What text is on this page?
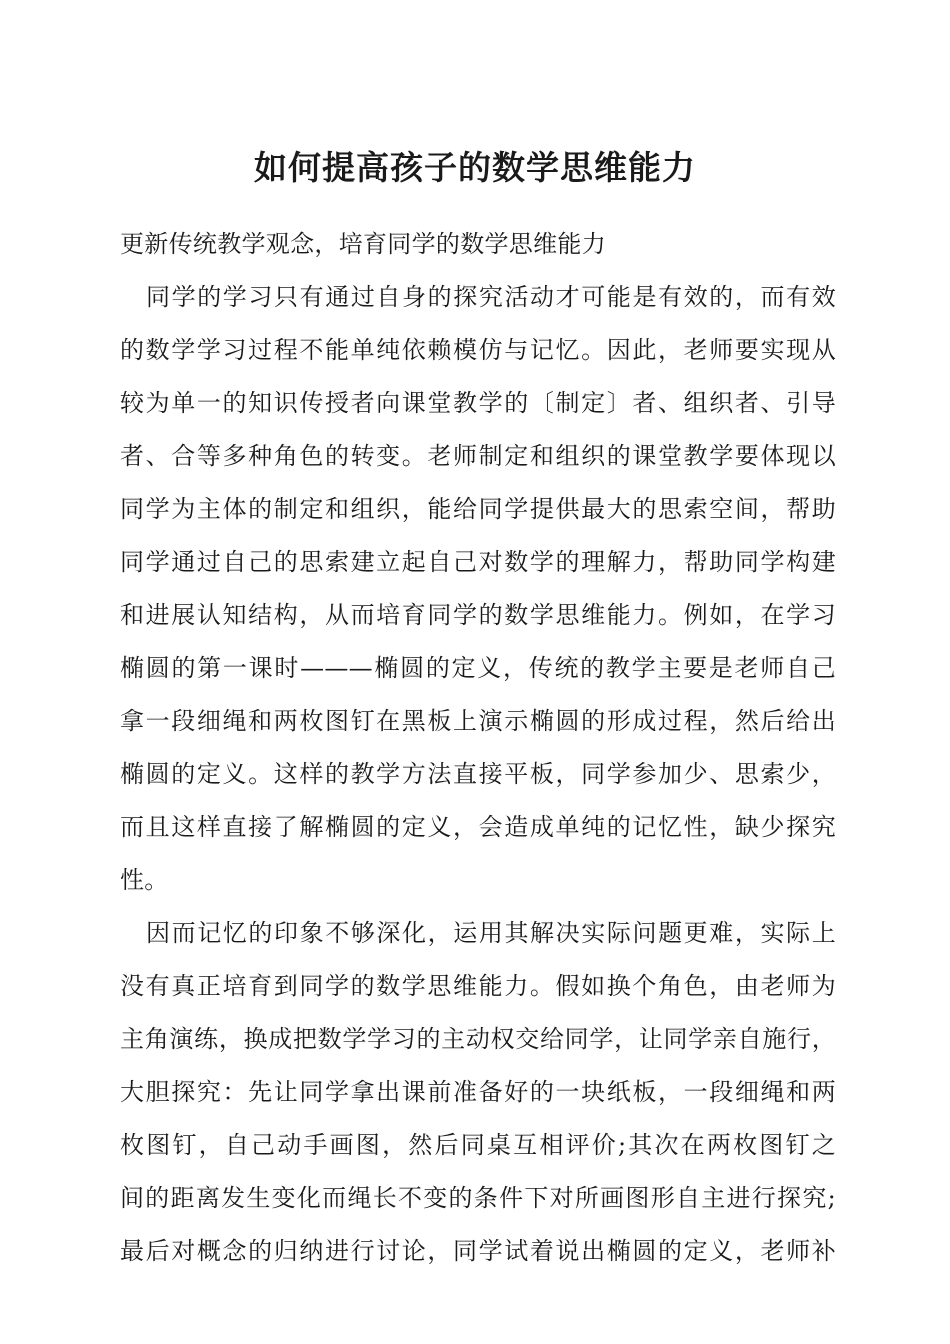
如何提高孩子的数学思维能力
更新传统教学观念，培育同学的数学思维能力
同学的学习只有通过自身的探究活动才可能是有效的，而有效
的数学学习过程不能单纯依赖模仿与记忆。因此，老师要实现从
较为单一的知识传授者向课堂教学的〔制定〕者、组织者、引导
者、合等多种角色的转变。老师制定和组织的课堂教学要体现以
同学为主体的制定和组织，能给同学提供最大的思索空间，帮助
同学通过自己的思索建立起自己对数学的理解力，帮助同学构建
和进展认知结构，从而培育同学的数学思维能力。例如，在学习
椭圆的第一课时———椭圆的定义，传统的教学主要是老师自己
拿一段细绳和两枚图钉在黑板上演示椭圆的形成过程，然后给出
椭圆的定义。这样的教学方法直接平板，同学参加少、思索少，
而且这样直接了解椭圆的定义，会造成单纯的记忆性，缺少探究
性。
因而记忆的印象不够深化，运用其解决实际问题更难，实际上
没有真正培育到同学的数学思维能力。假如换个角色，由老师为
主角演练，换成把数学学习的主动权交给同学，让同学亲自施行，
大胆探究：先让同学拿出课前准备好的一块纸板，一段细绳和两
枚图钉，自己动手画图，然后同桌互相评价;其次在两枚图钉之
间的距离发生变化而绳长不变的条件下对所画图形自主进行探究;
最后对概念的归纳进行讨论，同学试着说出椭圆的定义，老师补
